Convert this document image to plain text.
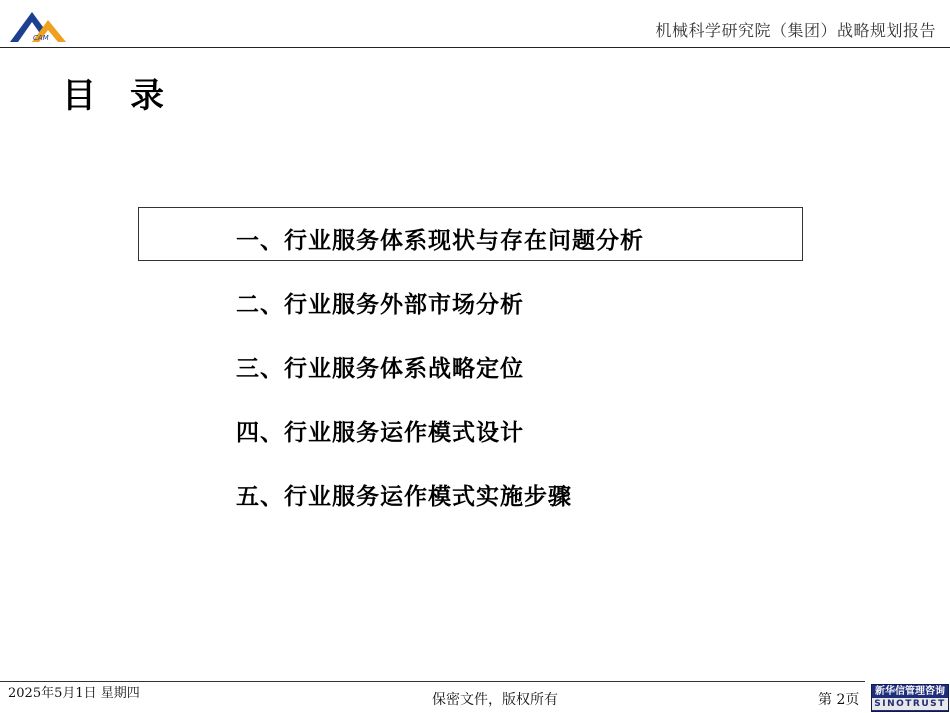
CAM	机械科学研究院（集团）战略规划报告
目录
一、行业服务体系现状与存在问题分析
二、行业服务外部市场分析
三、行业服务体系战略定位
四、行业服务运作模式设计
五、行业服务运作模式实施步骤
2025年5月1日 星期四	保密文件，版权所有	第 2页
新华信管理咨询
SINOTRUST
